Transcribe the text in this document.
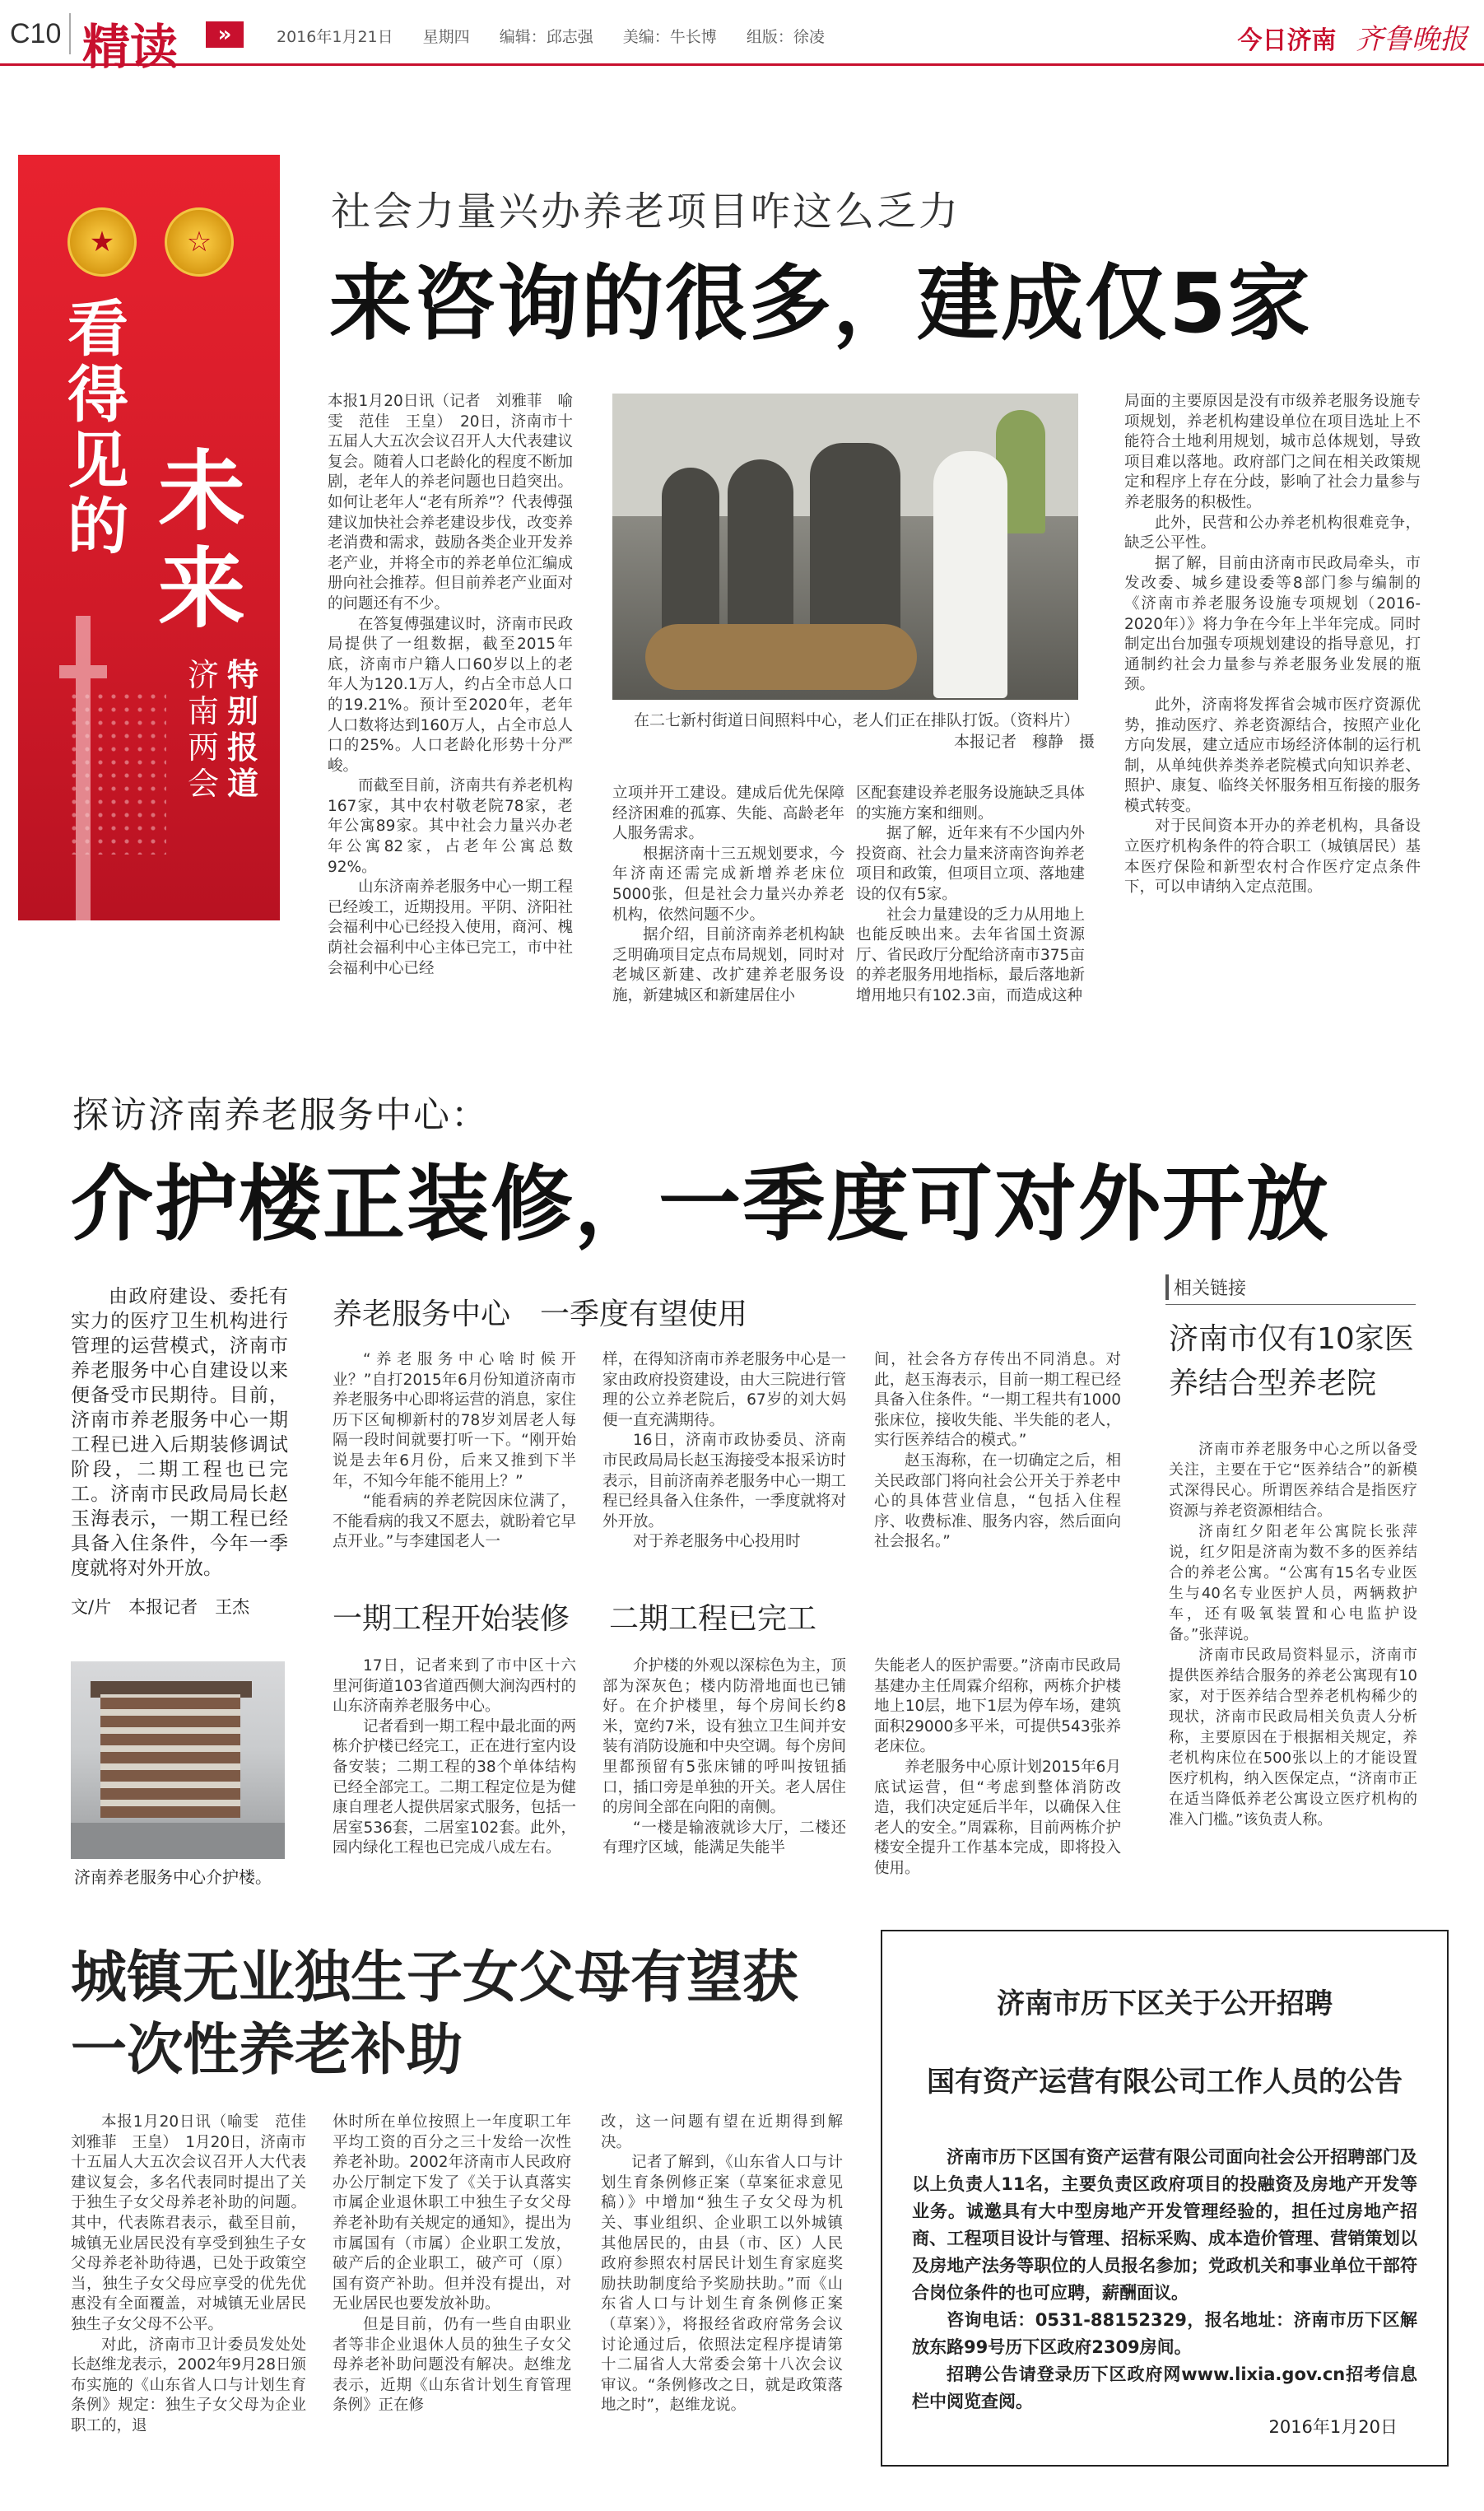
C10 精读	»	2016年1月21日 星期四 编辑：邱志强 美编：牛长博 组版：徐凌	今日济南 齐鲁晚报
★	☆
看得见的 未来
济南两会
特别报道
社会力量兴办养老项目咋这么乏力
来咨询的很多，建成仅5家

本报1月20日讯（记者　刘雅菲　喻雯　范佳　王皇）　20日，济南市十五届人大五次会议召开人大代表建议复会。随着人口老龄化的程度不断加剧，老年人的养老问题也日趋突出。如何让老年人“老有所养”？代表傅强建议加快社会养老建设步伐，改变养老消费和需求，鼓励各类企业开发养老产业，并将全市的养老单位汇编成册向社会推荐。但目前养老产业面对的问题还有不少。

在答复傅强建议时，济南市民政局提供了一组数据，截至2015年底，济南市户籍人口60岁以上的老年人为120.1万人，约占全市总人口的19.21%。预计至2020年，老年人口数将达到160万人，占全市总人口的25%。人口老龄化形势十分严峻。

而截至目前，济南共有养老机构167家，其中农村敬老院78家，老年公寓89家。其中社会力量兴办老年公寓82家，占老年公寓总数92%。

山东济南养老服务中心一期工程已经竣工，近期投用。平阴、济阳社会福利中心已经投入使用，商河、槐荫社会福利中心主体已完工，市中社会福利中心已经

在二七新村街道日间照料中心，老人们正在排队打饭。（资料片）
本报记者　穆静　摄

立项并开工建设。建成后优先保障经济困难的孤寡、失能、高龄老年人服务需求。

根据济南十三五规划要求，今年济南还需完成新增养老床位5000张，但是社会力量兴办养老机构，依然问题不少。

据介绍，目前济南养老机构缺乏明确项目定点布局规划，同时对老城区新建、改扩建养老服务设施，新建城区和新建居住小

区配套建设养老服务设施缺乏具体的实施方案和细则。

据了解，近年来有不少国内外投资商、社会力量来济南咨询养老项目和政策，但项目立项、落地建设的仅有5家。

社会力量建设的乏力从用地上也能反映出来。去年省国土资源厅、省民政厅分配给济南市375亩的养老服务用地指标，最后落地新增用地只有102.3亩，而造成这种

局面的主要原因是没有市级养老服务设施专项规划，养老机构建设单位在项目选址上不能符合土地利用规划，城市总体规划，导致项目难以落地。政府部门之间在相关政策规定和程序上存在分歧，影响了社会力量参与养老服务的积极性。

此外，民营和公办养老机构很难竞争，缺乏公平性。

据了解，目前由济南市民政局牵头，市发改委、城乡建设委等8部门参与编制的《济南市养老服务设施专项规划（2016-2020年）》将力争在今年上半年完成。同时制定出台加强专项规划建设的指导意见，打通制约社会力量参与养老服务业发展的瓶颈。

此外，济南将发挥省会城市医疗资源优势，推动医疗、养老资源结合，按照产业化方向发展，建立适应市场经济体制的运行机制，从单纯供养类养老院模式向知识养老、照护、康复、临终关怀服务相互衔接的服务模式转变。

对于民间资本开办的养老机构，具备设立医疗机构条件的符合职工（城镇居民）基本医疗保险和新型农村合作医疗定点条件下，可以申请纳入定点范围。

探访济南养老服务中心：
介护楼正装修，一季度可对外开放

由政府建设、委托有实力的医疗卫生机构进行管理的运营模式，济南市养老服务中心自建设以来便备受市民期待。目前，济南市养老服务中心一期工程已进入后期装修调试阶段，二期工程也已完工。济南市民政局局长赵玉海表示，一期工程已经具备入住条件，今年一季度就将对外开放。

文/片　本报记者　王杰
济南养老服务中心介护楼。
养老服务中心　一季度有望使用
一期工程开始装修 二期工程已完工

“养老服务中心啥时候开业？”自打2015年6月份知道济南市养老服务中心即将运营的消息，家住历下区甸柳新村的78岁刘居老人每隔一段时间就要打听一下。“刚开始说是去年6月份，后来又推到下半年，不知今年能不能用上？”

“能看病的养老院因床位满了，不能看病的我又不愿去，就盼着它早点开业。”与李建国老人一

样，在得知济南市养老服务中心是一家由政府投资建设，由大三院进行管理的公立养老院后，67岁的刘大妈便一直充满期待。

16日，济南市政协委员、济南市民政局局长赵玉海接受本报采访时表示，目前济南养老服务中心一期工程已经具备入住条件，一季度就将对外开放。

对于养老服务中心投用时

间，社会各方存传出不同消息。对此，赵玉海表示，目前一期工程已经具备入住条件。“一期工程共有1000张床位，接收失能、半失能的老人，实行医养结合的模式。”

赵玉海称，在一切确定之后，相关民政部门将向社会公开关于养老中心的具体营业信息，“包括入住程序、收费标准、服务内容，然后面向社会报名。”

17日，记者来到了市中区十六里河街道103省道西侧大涧沟西村的山东济南养老服务中心。

记者看到一期工程中最北面的两栋介护楼已经完工，正在进行室内设备安装；二期工程的38个单体结构已经全部完工。二期工程定位是为健康自理老人提供居家式服务，包括一居室536套，二居室102套。此外，园内绿化工程也已完成八成左右。

介护楼的外观以深棕色为主，顶部为深灰色；楼内防滑地面也已铺好。在介护楼里，每个房间长约8米，宽约7米，设有独立卫生间并安装有消防设施和中央空调。每个房间里都预留有5张床铺的呼叫按钮插口，插口旁是单独的开关。老人居住的房间全部在向阳的南侧。

“一楼是输液就诊大厅，二楼还有理疗区域，能满足失能半

失能老人的医护需要。”济南市民政局基建办主任周霖介绍称，两栋介护楼地上10层，地下1层为停车场，建筑面积29000多平米，可提供543张养老床位。

养老服务中心原计划2015年6月底试运营，但“考虑到整体消防改造，我们决定延后半年，以确保入住老人的安全。”周霖称，目前两栋介护楼安全提升工作基本完成，即将投入使用。

相关链接
济南市仅有10家医养结合型养老院

济南市养老服务中心之所以备受关注，主要在于它“医养结合”的新模式深得民心。所谓医养结合是指医疗资源与养老资源相结合。

济南红夕阳老年公寓院长张萍说，红夕阳是济南为数不多的医养结合的养老公寓。“公寓有15名专业医生与40名专业医护人员，两辆救护车，还有吸氧装置和心电监护设备。”张萍说。

济南市民政局资料显示，济南市提供医养结合服务的养老公寓现有10家，对于医养结合型养老机构稀少的现状，济南市民政局相关负责人分析称，主要原因在于根据相关规定，养老机构床位在500张以上的才能设置医疗机构，纳入医保定点，“济南市正在适当降低养老公寓设立医疗机构的准入门槛。”该负责人称。

城镇无业独生子女父母有望获一次性养老补助

本报1月20日讯（喻雯　范佳　刘雅菲　王皇）　1月20日，济南市十五届人大五次会议召开人大代表建议复会，多名代表同时提出了关于独生子女父母养老补助的问题。其中，代表陈君表示，截至目前，城镇无业居民没有享受到独生子女父母养老补助待遇，已处于政策空当，独生子女父母应享受的优先优惠没有全面覆盖，对城镇无业居民独生子女父母不公平。

对此，济南市卫计委员发处处长赵维龙表示，2002年9月28日颁布实施的《山东省人口与计划生育条例》规定：独生子女父母为企业职工的，退

休时所在单位按照上一年度职工年平均工资的百分之三十发给一次性养老补助。2002年济南市人民政府办公厅制定下发了《关于认真落实市属企业退休职工中独生子女父母养老补助有关规定的通知》，提出为市属国有（市属）企业职工发放，破产后的企业职工，破产可（原）国有资产补助。但并没有提出，对无业居民也要发放补助。

但是目前，仍有一些自由职业者等非企业退休人员的独生子女父母养老补助问题没有解决。赵维龙表示，近期《山东省计划生育管理条例》正在修

改，这一问题有望在近期得到解决。

记者了解到，《山东省人口与计划生育条例修正案（草案征求意见稿）》中增加“独生子女父母为机关、事业组织、企业职工以外城镇其他居民的，由县（市、区）人民政府参照农村居民计划生育家庭奖励扶助制度给予奖励扶助。”而《山东省人口与计划生育条例修正案（草案）》，将报经省政府常务会议讨论通过后，依照法定程序提请第十二届省人大常委会第十八次会议审议。“条例修改之日，就是政策落地之时”，赵维龙说。

济南市历下区关于公开招聘
国有资产运营有限公司工作人员的公告

济南市历下区国有资产运营有限公司面向社会公开招聘部门及以上负责人11名，主要负责区政府项目的投融资及房地产开发等业务。诚邀具有大中型房地产开发管理经验的，担任过房地产招商、工程项目设计与管理、招标采购、成本造价管理、营销策划以及房地产法务等职位的人员报名参加；党政机关和事业单位干部符合岗位条件的也可应聘，薪酬面议。

咨询电话：0531-88152329，报名地址：济南市历下区解放东路99号历下区政府2309房间。

招聘公告请登录历下区政府网www.lixia.gov.cn招考信息栏中阅览查阅。

2016年1月20日
